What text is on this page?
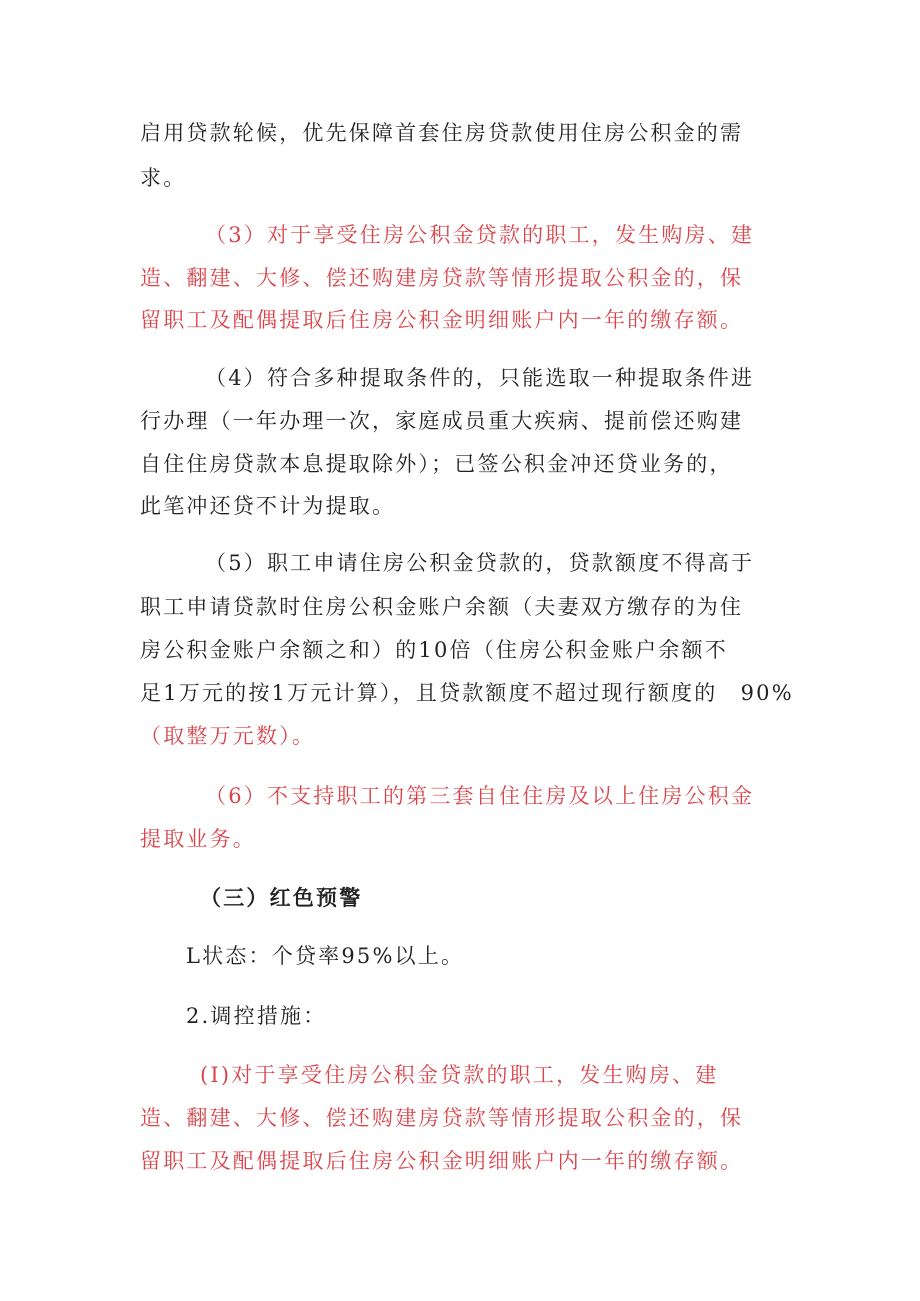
启用贷款轮候，优先保障首套住房贷款使用住房公积金的需
求。
（3）对于享受住房公积金贷款的职工，发生购房、建
造、翻建、大修、偿还购建房贷款等情形提取公积金的，保
留职工及配偶提取后住房公积金明细账户内一年的缴存额。
（4）符合多种提取条件的，只能选取一种提取条件进
行办理（一年办理一次，家庭成员重大疾病、提前偿还购建
自住住房贷款本息提取除外）；已签公积金冲还贷业务的，
此笔冲还贷不计为提取。
（5）职工申请住房公积金贷款的，贷款额度不得高于
职工申请贷款时住房公积金账户余额（夫妻双方缴存的为住
房公积金账户余额之和）的10倍（住房公积金账户余额不
足1万元的按1万元计算），且贷款额度不超过现行额度的　90%
（取整万元数）。
（6）不支持职工的第三套自住住房及以上住房公积金
提取业务。
（三）红色预警
L状态：个贷率95%以上。
2.调控措施：
(I)对于享受住房公积金贷款的职工，发生购房、建
造、翻建、大修、偿还购建房贷款等情形提取公积金的，保
留职工及配偶提取后住房公积金明细账户内一年的缴存额。
